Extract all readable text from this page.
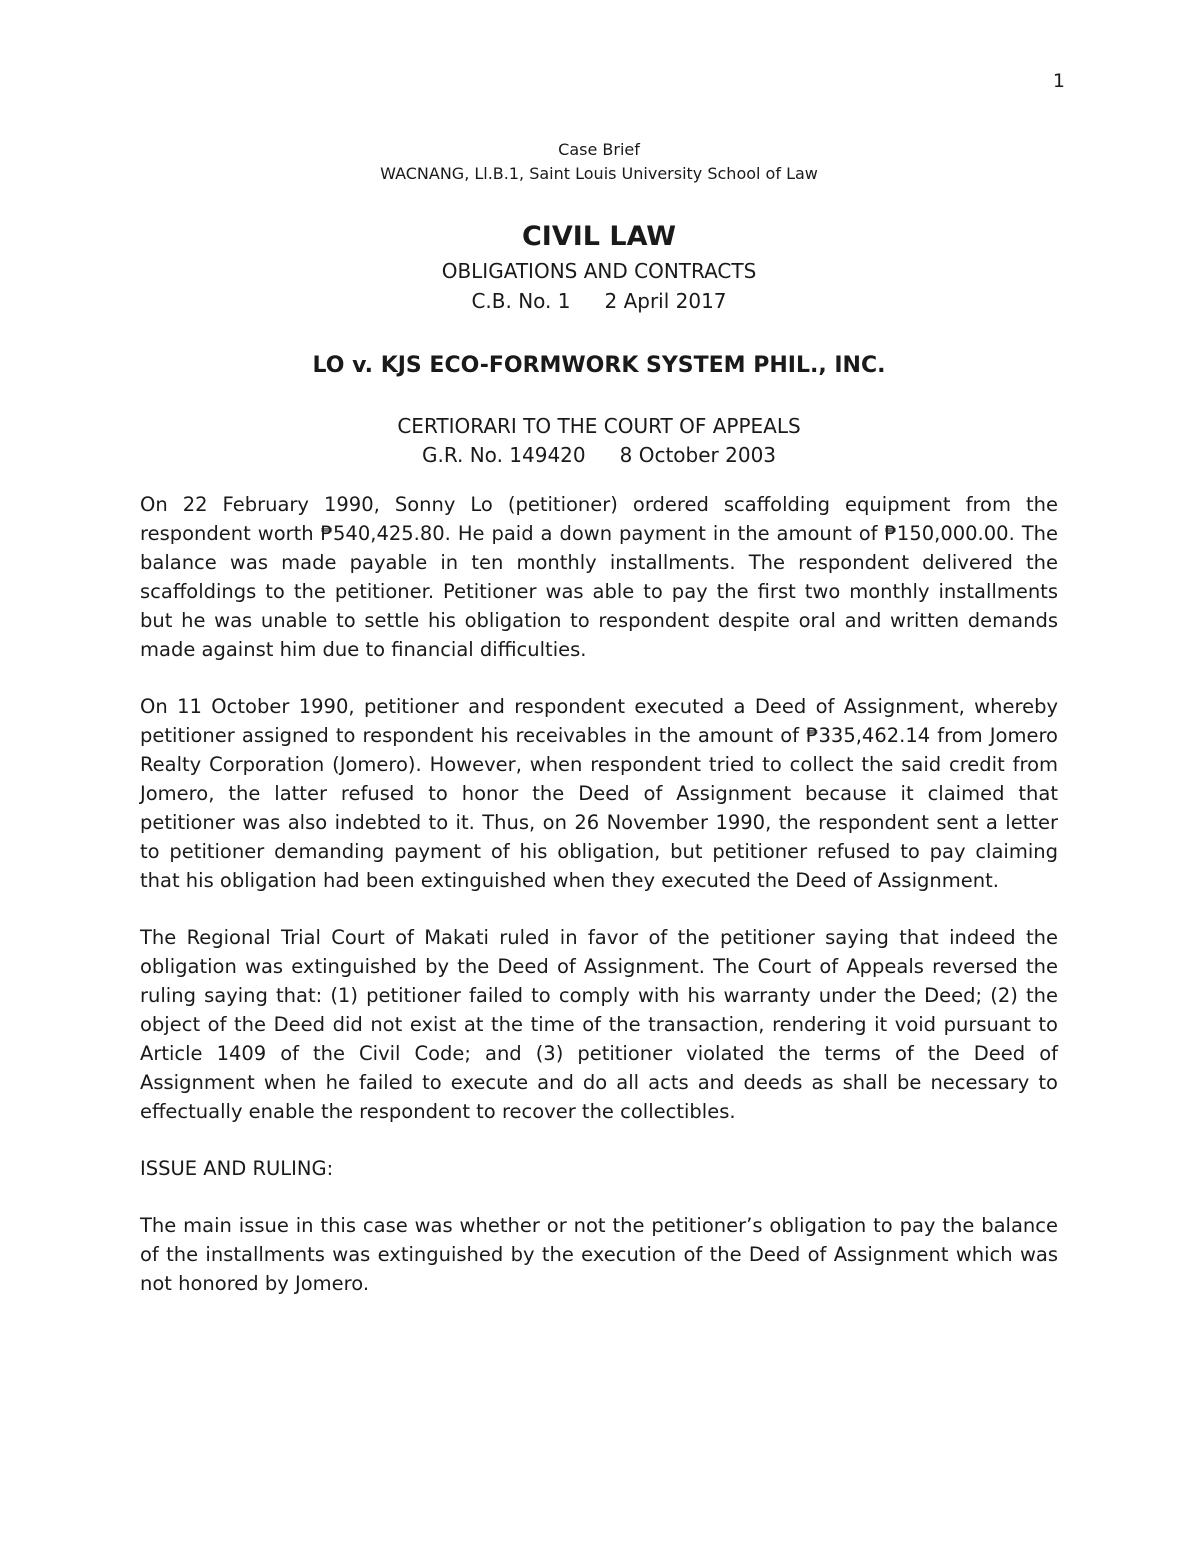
1
Case Brief
WACNANG, Ll.B.1, Saint Louis University School of Law
CIVIL LAW
OBLIGATIONS AND CONTRACTS
C.B. No. 1 2 April 2017
LO v. KJS ECO-FORMWORK SYSTEM PHIL., INC.
CERTIORARI TO THE COURT OF APPEALS
G.R. No. 149420 8 October 2003

On 22 February 1990, Sonny Lo (petitioner) ordered scaffolding equipment from the respondent worth ₱540,425.80. He paid a down payment in the amount of ₱150,000.00. The balance was made payable in ten monthly installments. The respondent delivered the scaffoldings to the petitioner. Petitioner was able to pay the first two monthly installments but he was unable to settle his obligation to respondent despite oral and written demands made against him due to financial difficulties.

On 11 October 1990, petitioner and respondent executed a Deed of Assignment, whereby petitioner assigned to respondent his receivables in the amount of ₱335,462.14 from Jomero Realty Corporation (Jomero). However, when respondent tried to collect the said credit from Jomero, the latter refused to honor the Deed of Assignment because it claimed that petitioner was also indebted to it. Thus, on 26 November 1990, the respondent sent a letter to petitioner demanding payment of his obligation, but petitioner refused to pay claiming that his obligation had been extinguished when they executed the Deed of Assignment.

The Regional Trial Court of Makati ruled in favor of the petitioner saying that indeed the obligation was extinguished by the Deed of Assignment. The Court of Appeals reversed the ruling saying that: (1) petitioner failed to comply with his warranty under the Deed; (2) the object of the Deed did not exist at the time of the transaction, rendering it void pursuant to Article 1409 of the Civil Code; and (3) petitioner violated the terms of the Deed of Assignment when he failed to execute and do all acts and deeds as shall be necessary to effectually enable the respondent to recover the collectibles.

ISSUE AND RULING:

The main issue in this case was whether or not the petitioner’s obligation to pay the balance of the installments was extinguished by the execution of the Deed of Assignment which was not honored by Jomero.
